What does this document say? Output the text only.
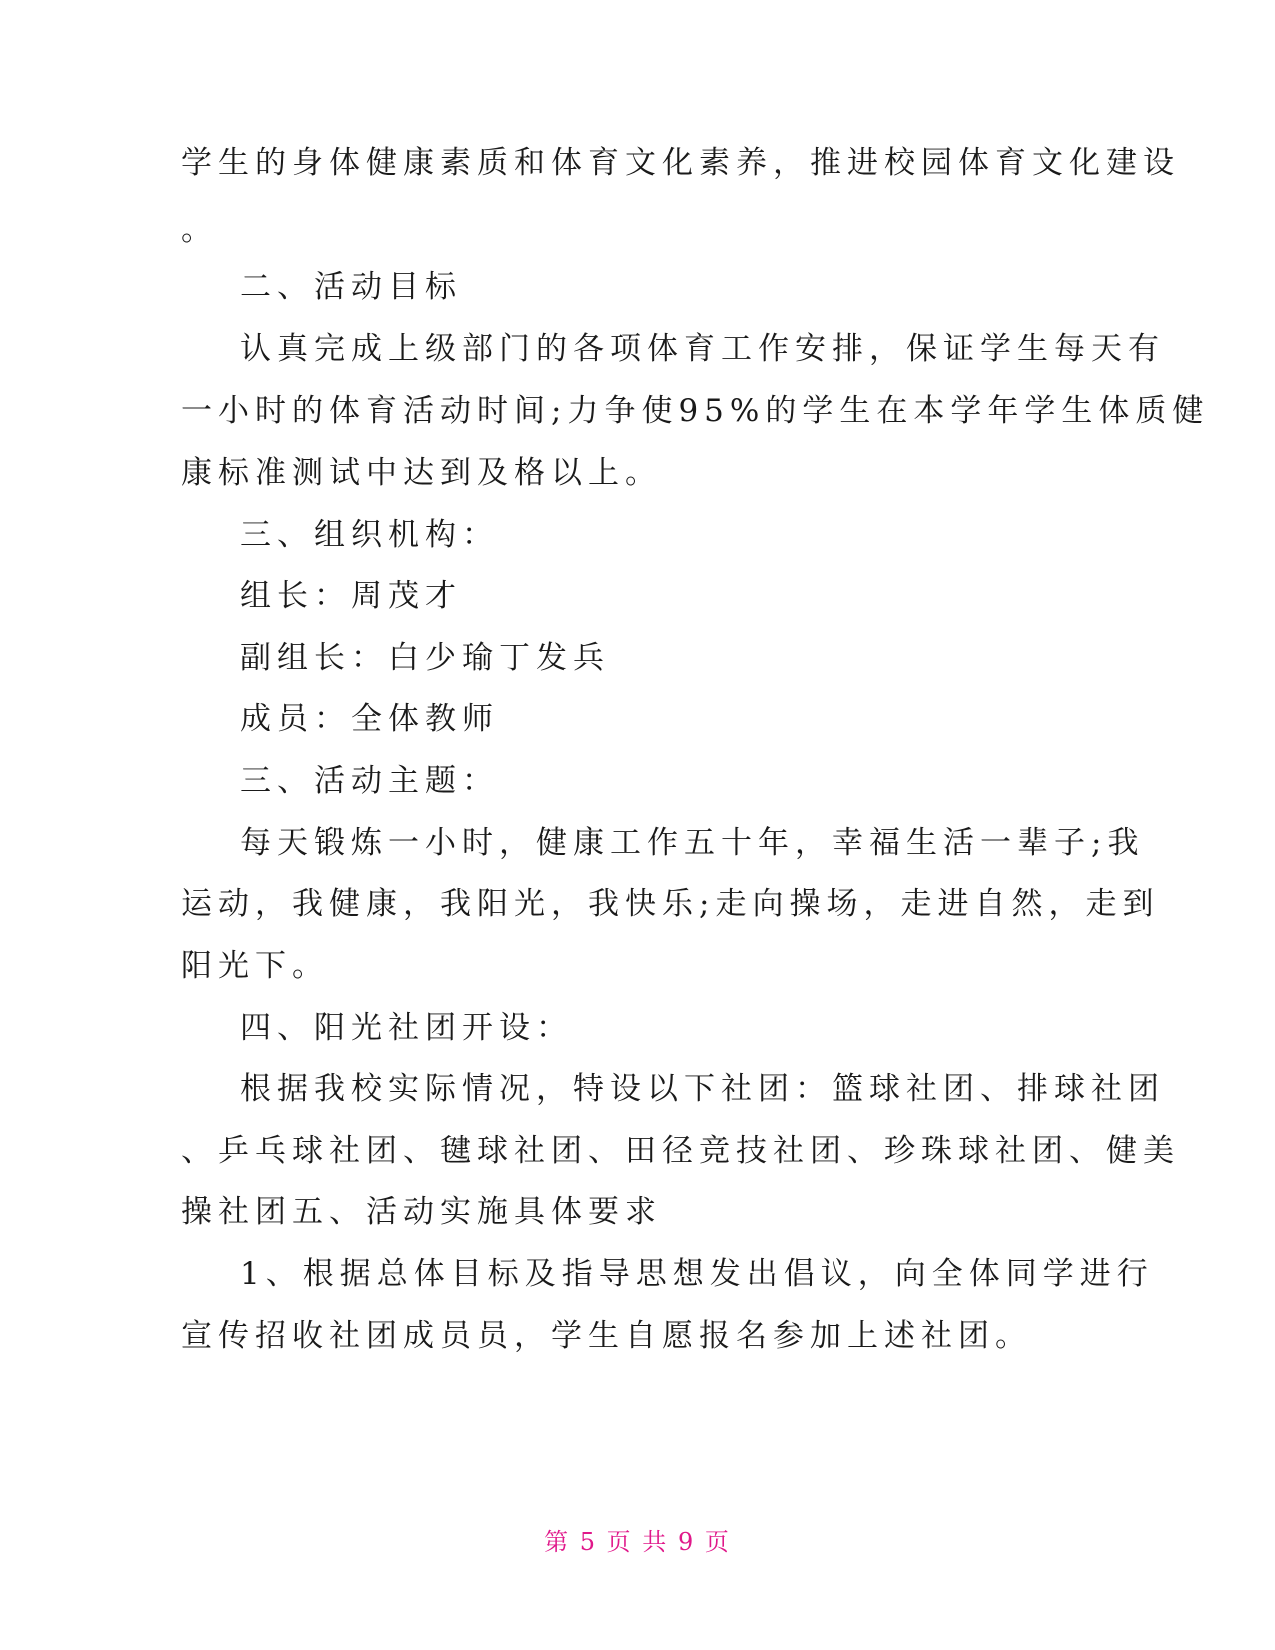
学生的身体健康素质和体育文化素养，推进校园体育文化建设
。
二、活动目标
认真完成上级部门的各项体育工作安排，保证学生每天有
一小时的体育活动时间;力争使95%的学生在本学年学生体质健
康标准测试中达到及格以上。
三、组织机构：
组长：周茂才
副组长：白少瑜丁发兵
成员：全体教师
三、活动主题：
每天锻炼一小时，健康工作五十年，幸福生活一辈子;我
运动，我健康，我阳光，我快乐;走向操场，走进自然，走到
阳光下。
四、阳光社团开设：
根据我校实际情况，特设以下社团：篮球社团、排球社团
、乒乓球社团、毽球社团、田径竞技社团、珍珠球社团、健美
操社团五、活动实施具体要求
1、根据总体目标及指导思想发出倡议，向全体同学进行
宣传招收社团成员员，学生自愿报名参加上述社团。
第 5 页 共 9 页
